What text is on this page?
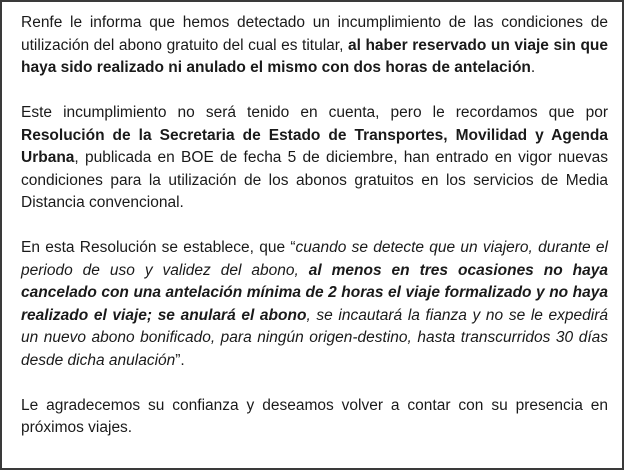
Renfe le informa que hemos detectado un incumplimiento de las condiciones de utilización del abono gratuito del cual es titular, al haber reservado un viaje sin que haya sido realizado ni anulado el mismo con dos horas de antelación.

Este incumplimiento no será tenido en cuenta, pero le recordamos que por Resolución de la Secretaria de Estado de Transportes, Movilidad y Agenda Urbana, publicada en BOE de fecha 5 de diciembre, han entrado en vigor nuevas condiciones para la utilización de los abonos gratuitos en los servicios de Media Distancia convencional.

En esta Resolución se establece, que “cuando se detecte que un viajero, durante el periodo de uso y validez del abono, al menos en tres ocasiones no haya cancelado con una antelación mínima de 2 horas el viaje formalizado y no haya realizado el viaje; se anulará el abono, se incautará la fianza y no se le expedirá un nuevo abono bonificado, para ningún origen-destino, hasta transcurridos 30 días desde dicha anulación”.

Le agradecemos su confianza y deseamos volver a contar con su presencia en próximos viajes.
